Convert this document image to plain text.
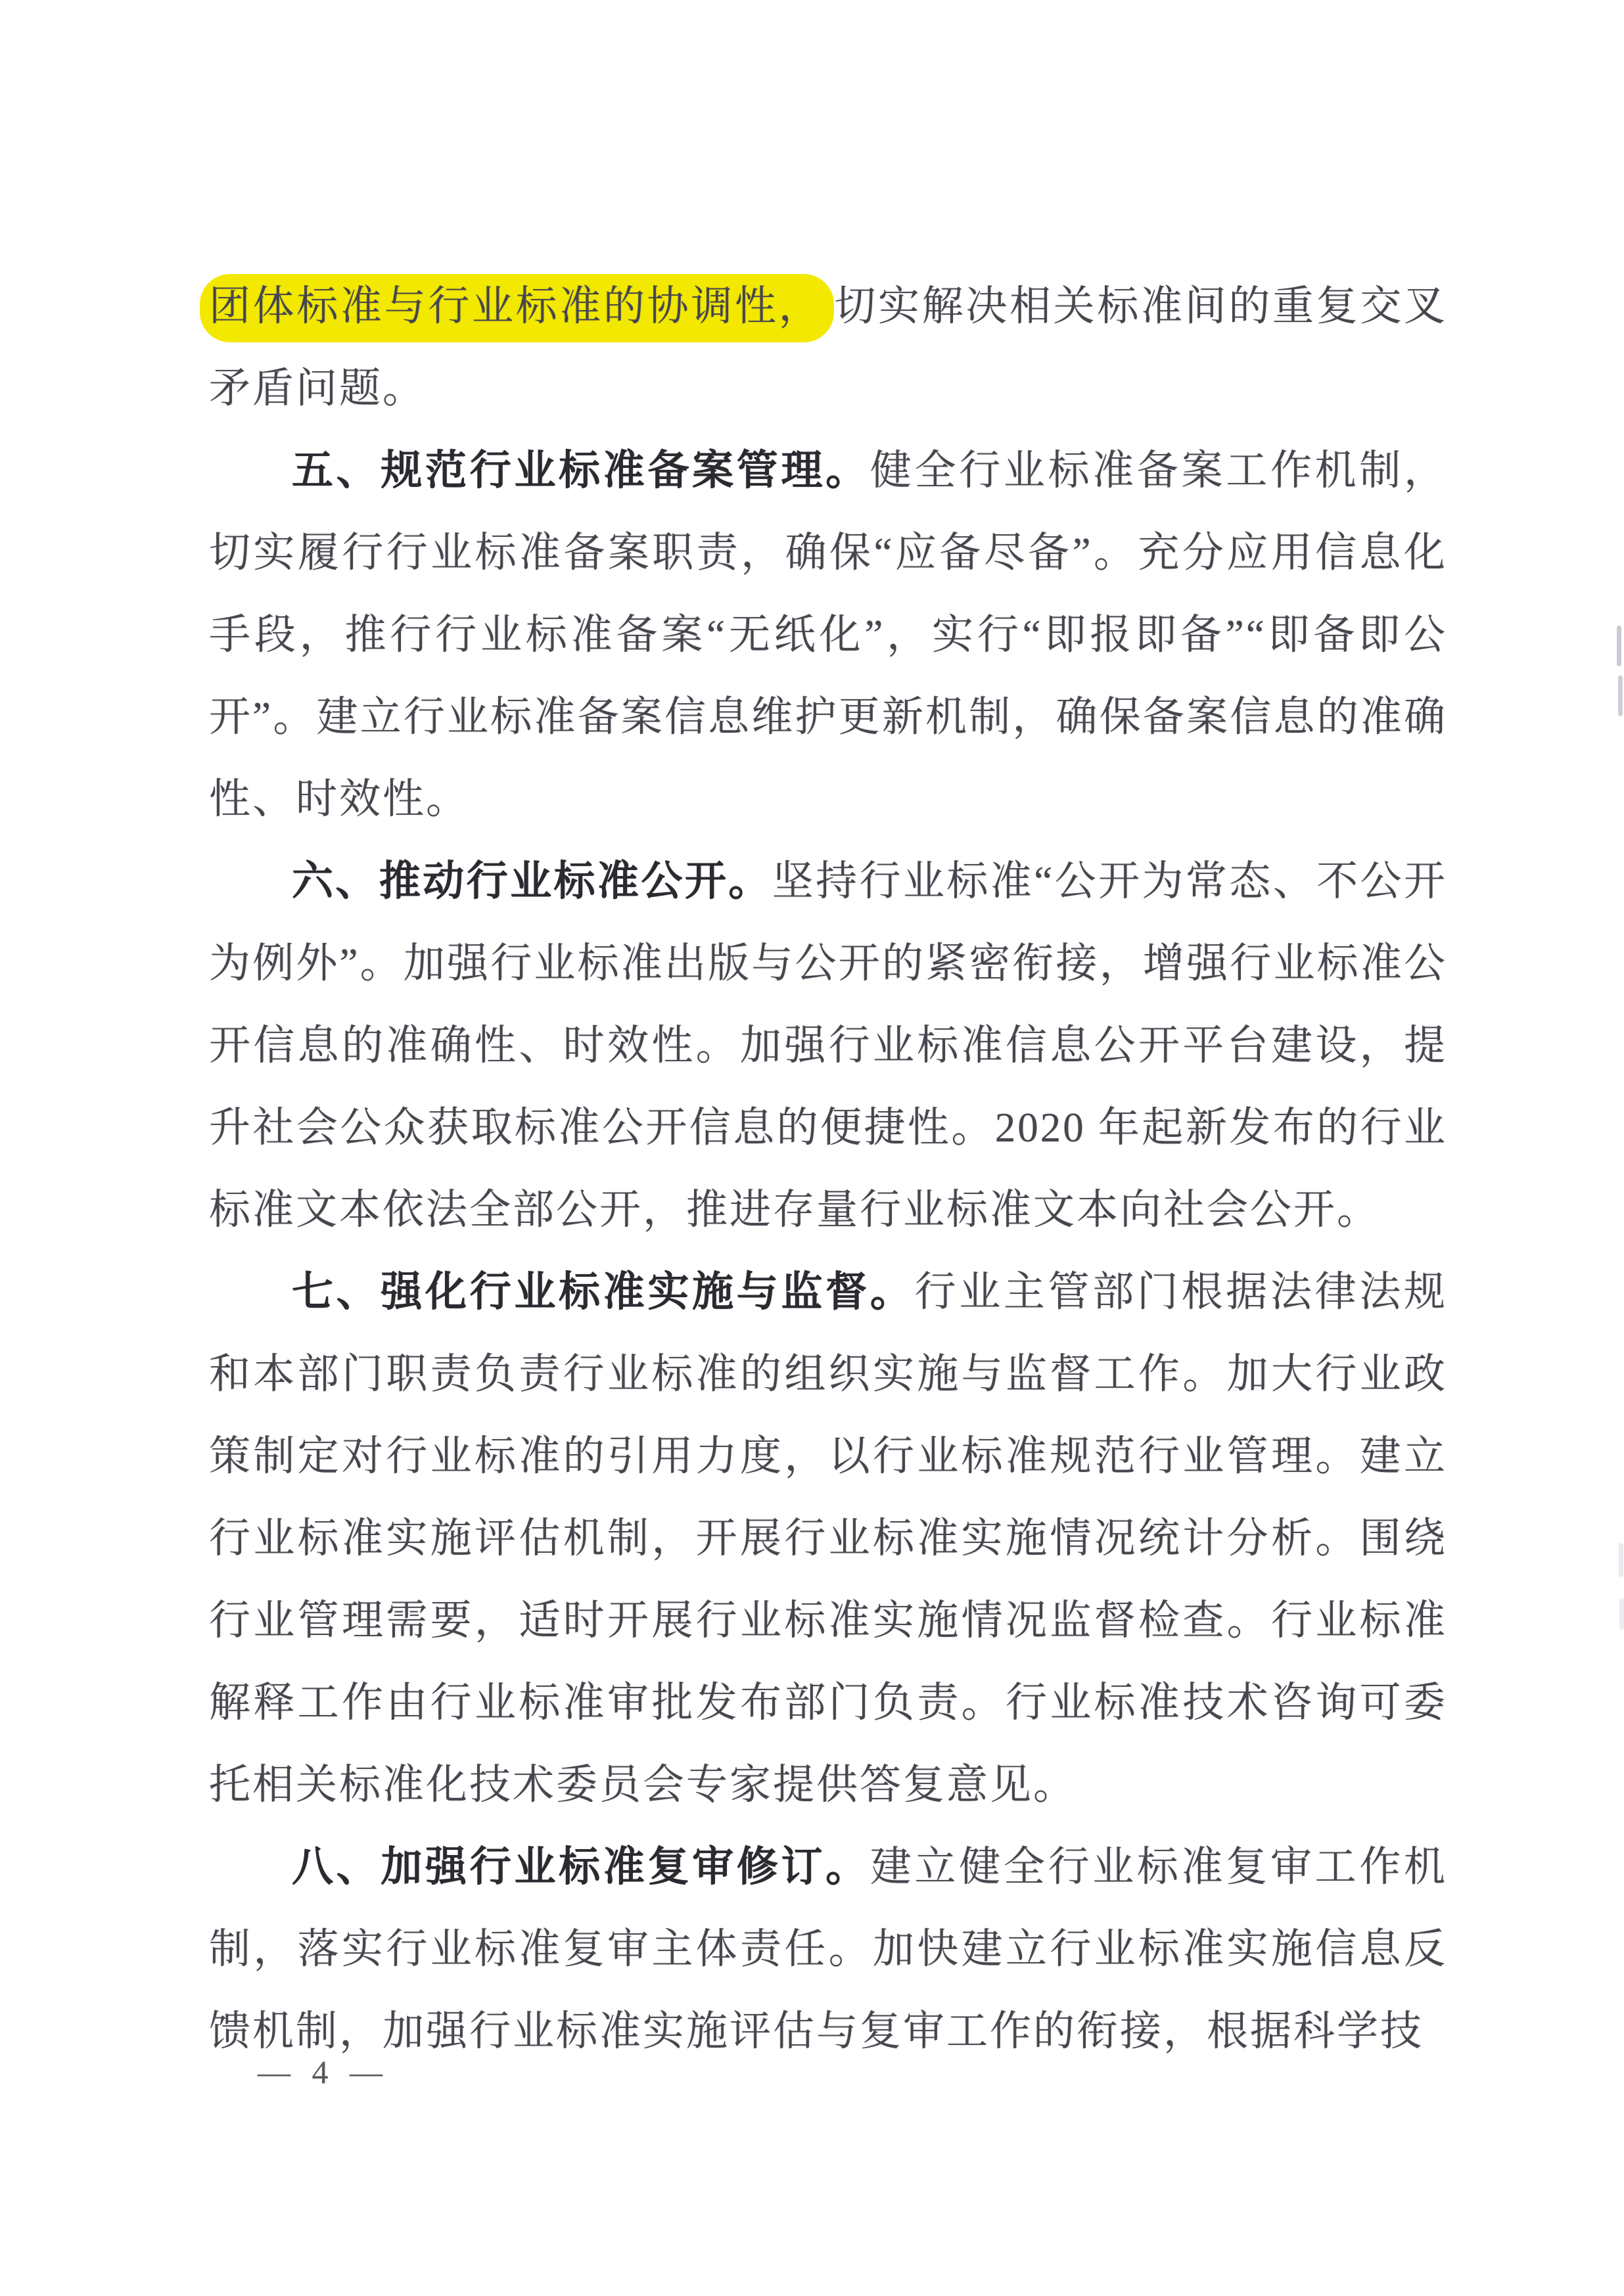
团体标准与行业标准的协调性， 切实解决相关标准间的重复交叉矛盾问题。

五、规范行业标准备案管理。健全行业标准备案工作机制，切实履行行业标准备案职责，确保“应备尽备”。充分应用信息化手段，推行行业标准备案“无纸化”，实行“即报即备”“即备即公开”。建立行业标准备案信息维护更新机制，确保备案信息的准确性、时效性。

六、推动行业标准公开。坚持行业标准“公开为常态、不公开为例外”。加强行业标准出版与公开的紧密衔接，增强行业标准公开信息的准确性、时效性。加强行业标准信息公开平台建设，提升社会公众获取标准公开信息的便捷性。2020 年起新发布的行业标准文本依法全部公开，推进存量行业标准文本向社会公开。

七、强化行业标准实施与监督。行业主管部门根据法律法规和本部门职责负责行业标准的组织实施与监督工作。加大行业政策制定对行业标准的引用力度，以行业标准规范行业管理。建立行业标准实施评估机制，开展行业标准实施情况统计分析。围绕行业管理需要，适时开展行业标准实施情况监督检查。行业标准解释工作由行业标准审批发布部门负责。行业标准技术咨询可委托相关标准化技术委员会专家提供答复意见。

八、加强行业标准复审修订。建立健全行业标准复审工作机制，落实行业标准复审主体责任。加快建立行业标准实施信息反馈机制，加强行业标准实施评估与复审工作的衔接，根据科学技

— 4 —
